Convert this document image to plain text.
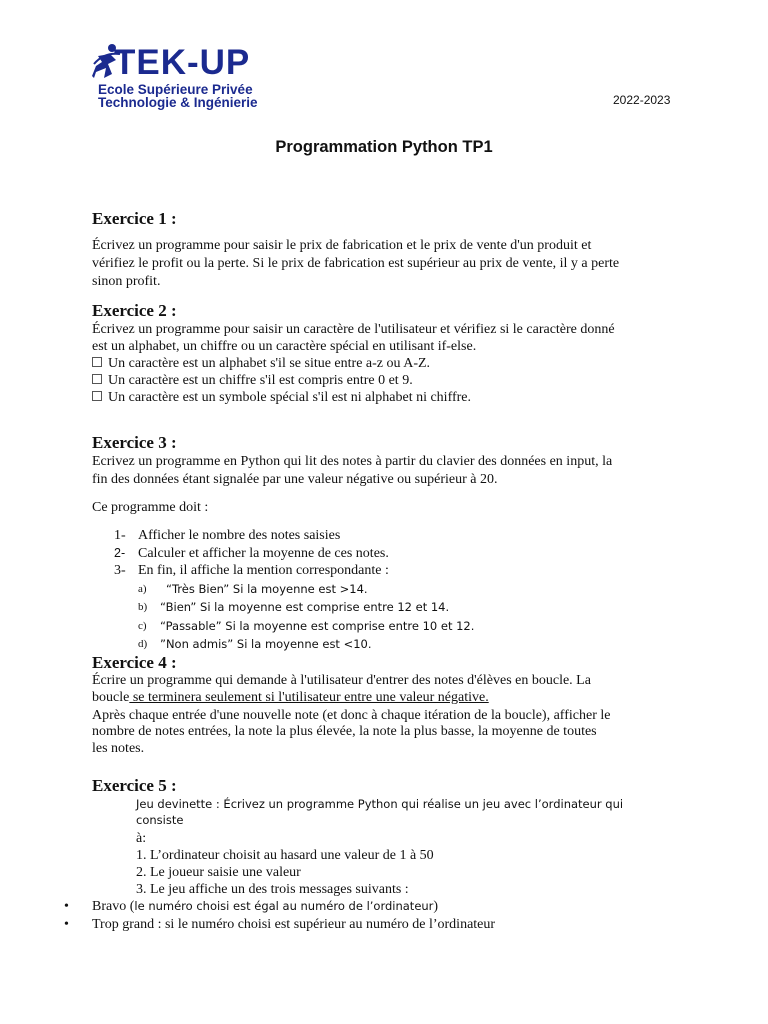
TEK-UP
Ecole Supérieure Privée
Technologie & Ingénierie	2022-2023
Programmation Python TP1
Exercice 1 :
Écrivez un programme pour saisir le prix de fabrication et le prix de vente d'un produit et
vérifiez le profit ou la perte. Si le prix de fabrication est supérieur au prix de vente, il y a perte
sinon profit.
Exercice 2 :
Écrivez un programme pour saisir un caractère de l'utilisateur et vérifiez si le caractère donné
est un alphabet, un chiffre ou un caractère spécial en utilisant if-else.
Un caractère est un alphabet s'il se situe entre a-z ou A-Z.
Un caractère est un chiffre s'il est compris entre 0 et 9.
Un caractère est un symbole spécial s'il est ni alphabet ni chiffre.
Exercice 3 :
Ecrivez un programme en Python qui lit des notes à partir du clavier des données en input, la
fin des données étant signalée par une valeur négative ou supérieur à 20.
Ce programme doit :
1- Afficher le nombre des notes saisies
2- Calculer et afficher la moyenne de ces notes.
3- En fin, il affiche la mention correspondante :
a) “Très Bien” Si la moyenne est >14.
b) “Bien” Si la moyenne est comprise entre 12 et 14.
c) “Passable” Si la moyenne est comprise entre 10 et 12.
d) ”Non admis” Si la moyenne est <10.
Exercice 4 :
Écrire un programme qui demande à l'utilisateur d'entrer des notes d'élèves en boucle. La
boucle se terminera seulement si l'utilisateur entre une valeur négative.
Après chaque entrée d'une nouvelle note (et donc à chaque itération de la boucle), afficher le
nombre de notes entrées, la note la plus élevée, la note la plus basse, la moyenne de toutes
les notes.
Exercice 5 :
Jeu devinette : Écrivez un programme Python qui réalise un jeu avec l’ordinateur qui
consiste
à:
1. L’ordinateur choisit au hasard une valeur de 1 à 50
2. Le joueur saisie une valeur
3. Le jeu affiche un des trois messages suivants :
• Bravo (le numéro choisi est égal au numéro de l’ordinateur)
• Trop grand : si le numéro choisi est supérieur au numéro de l’ordinateur
